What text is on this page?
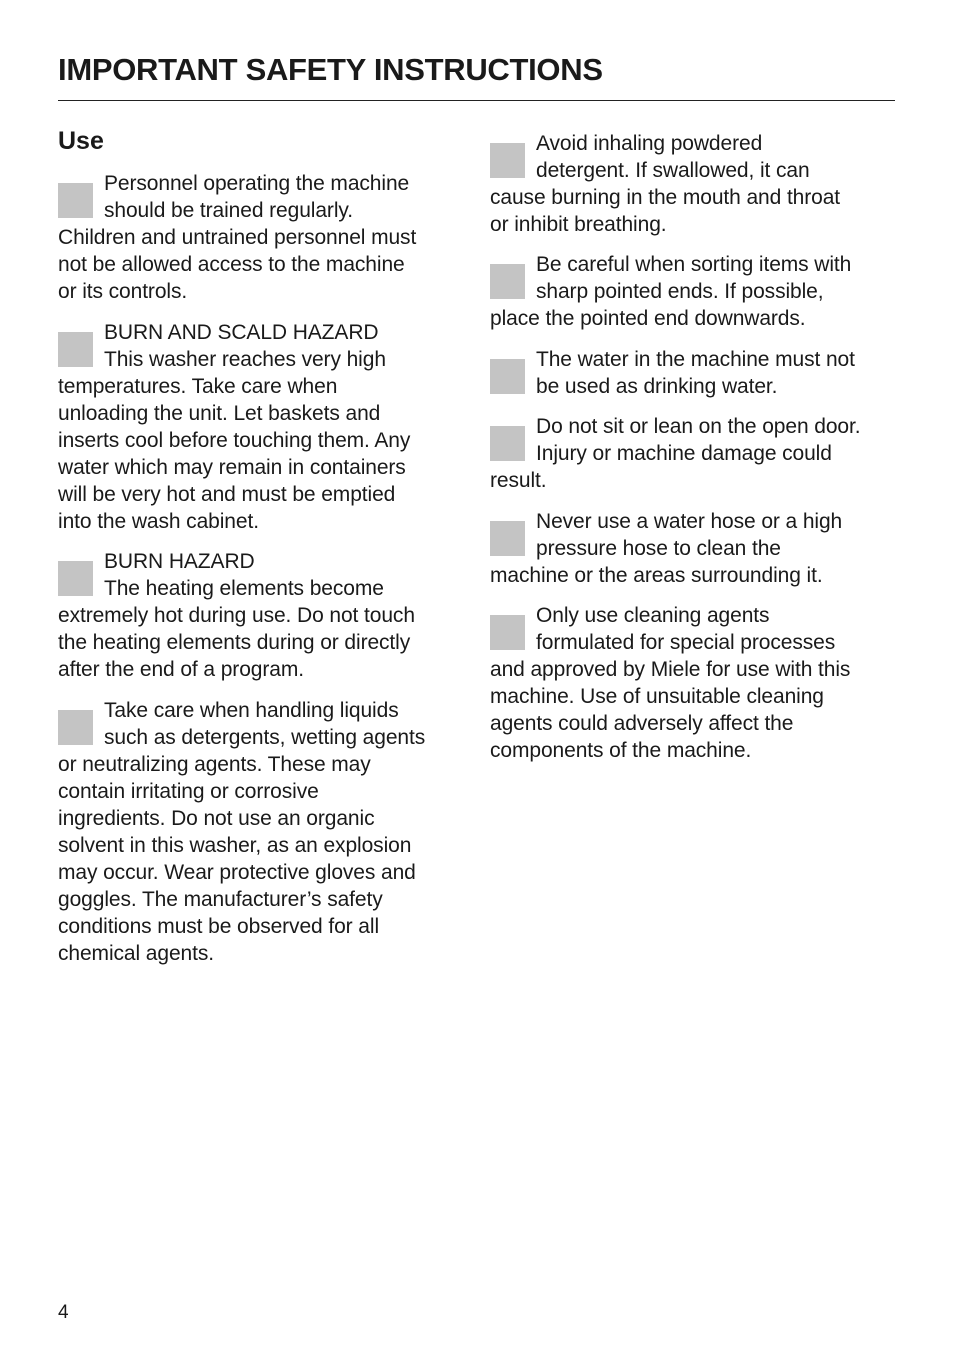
IMPORTANT SAFETY INSTRUCTIONS
Use

Personnel operating the machine

should be trained regularly.

Children and untrained personnel must

not be allowed access to the machine

or its controls.

BURN AND SCALD HAZARD

This washer reaches very high

temperatures. Take care when

unloading the unit. Let baskets and

inserts cool before touching them. Any

water which may remain in containers

will be very hot and must be emptied

into the wash cabinet.

BURN HAZARD

The heating elements become

extremely hot during use. Do not touch

the heating elements during or directly

after the end of a program.

Take care when handling liquids

such as detergents, wetting agents

or neutralizing agents. These may

contain irritating or corrosive

ingredients. Do not use an organic

solvent in this washer, as an explosion

may occur. Wear protective gloves and

goggles. The manufacturer’s safety

conditions must be observed for all

chemical agents.

Avoid inhaling powdered

detergent. If swallowed, it can

cause burning in the mouth and throat

or inhibit breathing.

Be careful when sorting items with

sharp pointed ends. If possible,

place the pointed end downwards.

The water in the machine must not

be used as drinking water.

Do not sit or lean on the open door.

Injury or machine damage could

result.

Never use a water hose or a high

pressure hose to clean the

machine or the areas surrounding it.

Only use cleaning agents

formulated for special processes

and approved by Miele for use with this

machine. Use of unsuitable cleaning

agents could adversely affect the

components of the machine.

4
